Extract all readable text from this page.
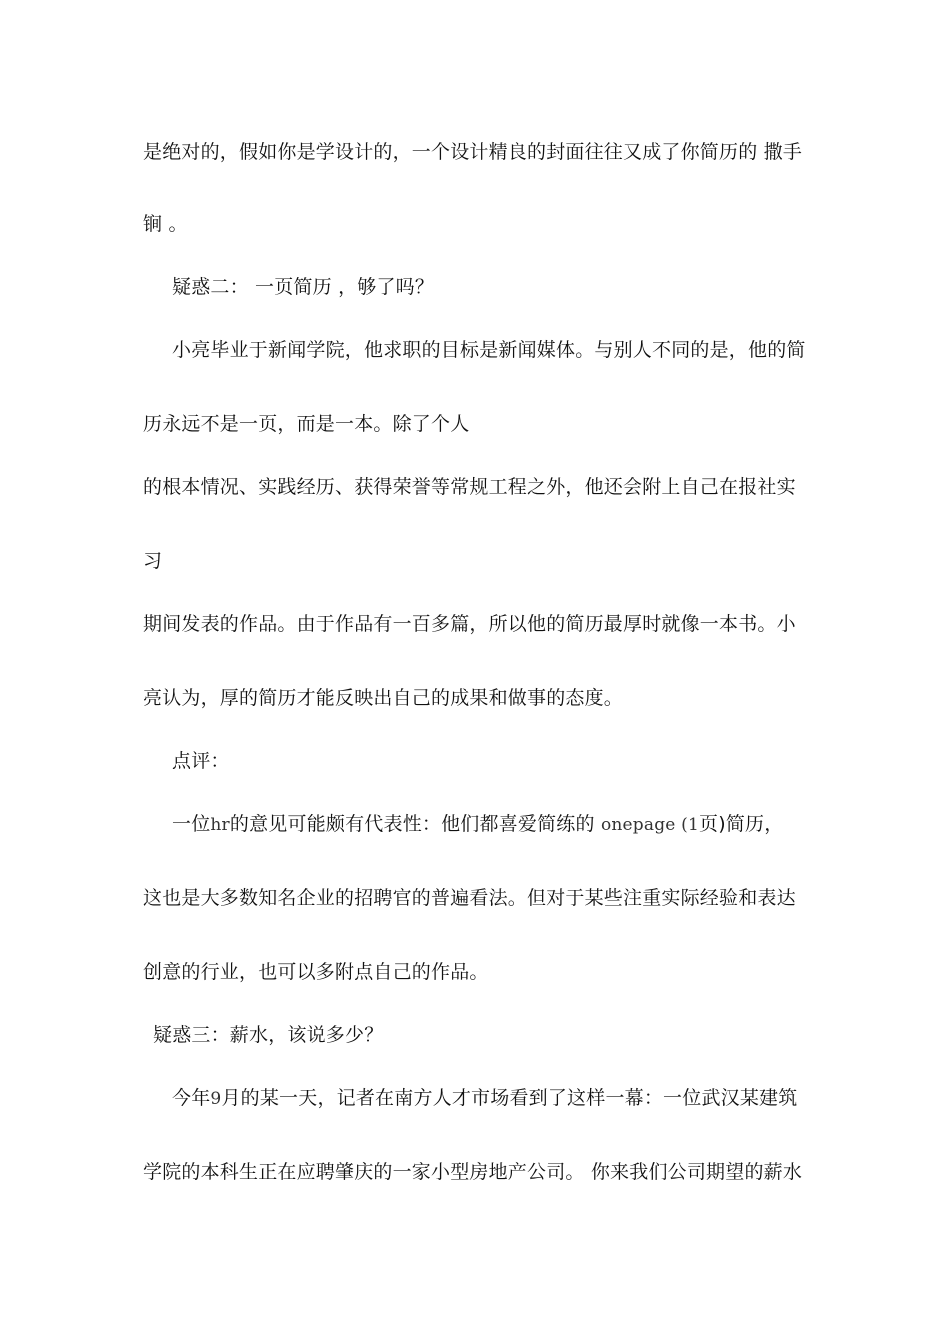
是绝对的，假如你是学设计的，一个设计精良的封面往往又成了你简历的 撒手
锏 。
疑惑二： 一页简历 ，够了吗？
小亮毕业于新闻学院，他求职的目标是新闻媒体。与别人不同的是，他的简
历永远不是一页，而是一本。除了个人
的根本情况、实践经历、获得荣誉等常规工程之外，他还会附上自己在报社实
习
期间发表的作品。由于作品有一百多篇，所以他的简历最厚时就像一本书。小
亮认为，厚的简历才能反映出自己的成果和做事的态度。
点评：
一位hr的意见可能颇有代表性：他们都喜爱简练的 onepage (1页)简历，
这也是大多数知名企业的招聘官的普遍看法。但对于某些注重实际经验和表达
创意的行业，也可以多附点自己的作品。
疑惑三：薪水，该说多少？
今年9月的某一天，记者在南方人才市场看到了这样一幕：一位武汉某建筑
学院的本科生正在应聘肇庆的一家小型房地产公司。 你来我们公司期望的薪水
